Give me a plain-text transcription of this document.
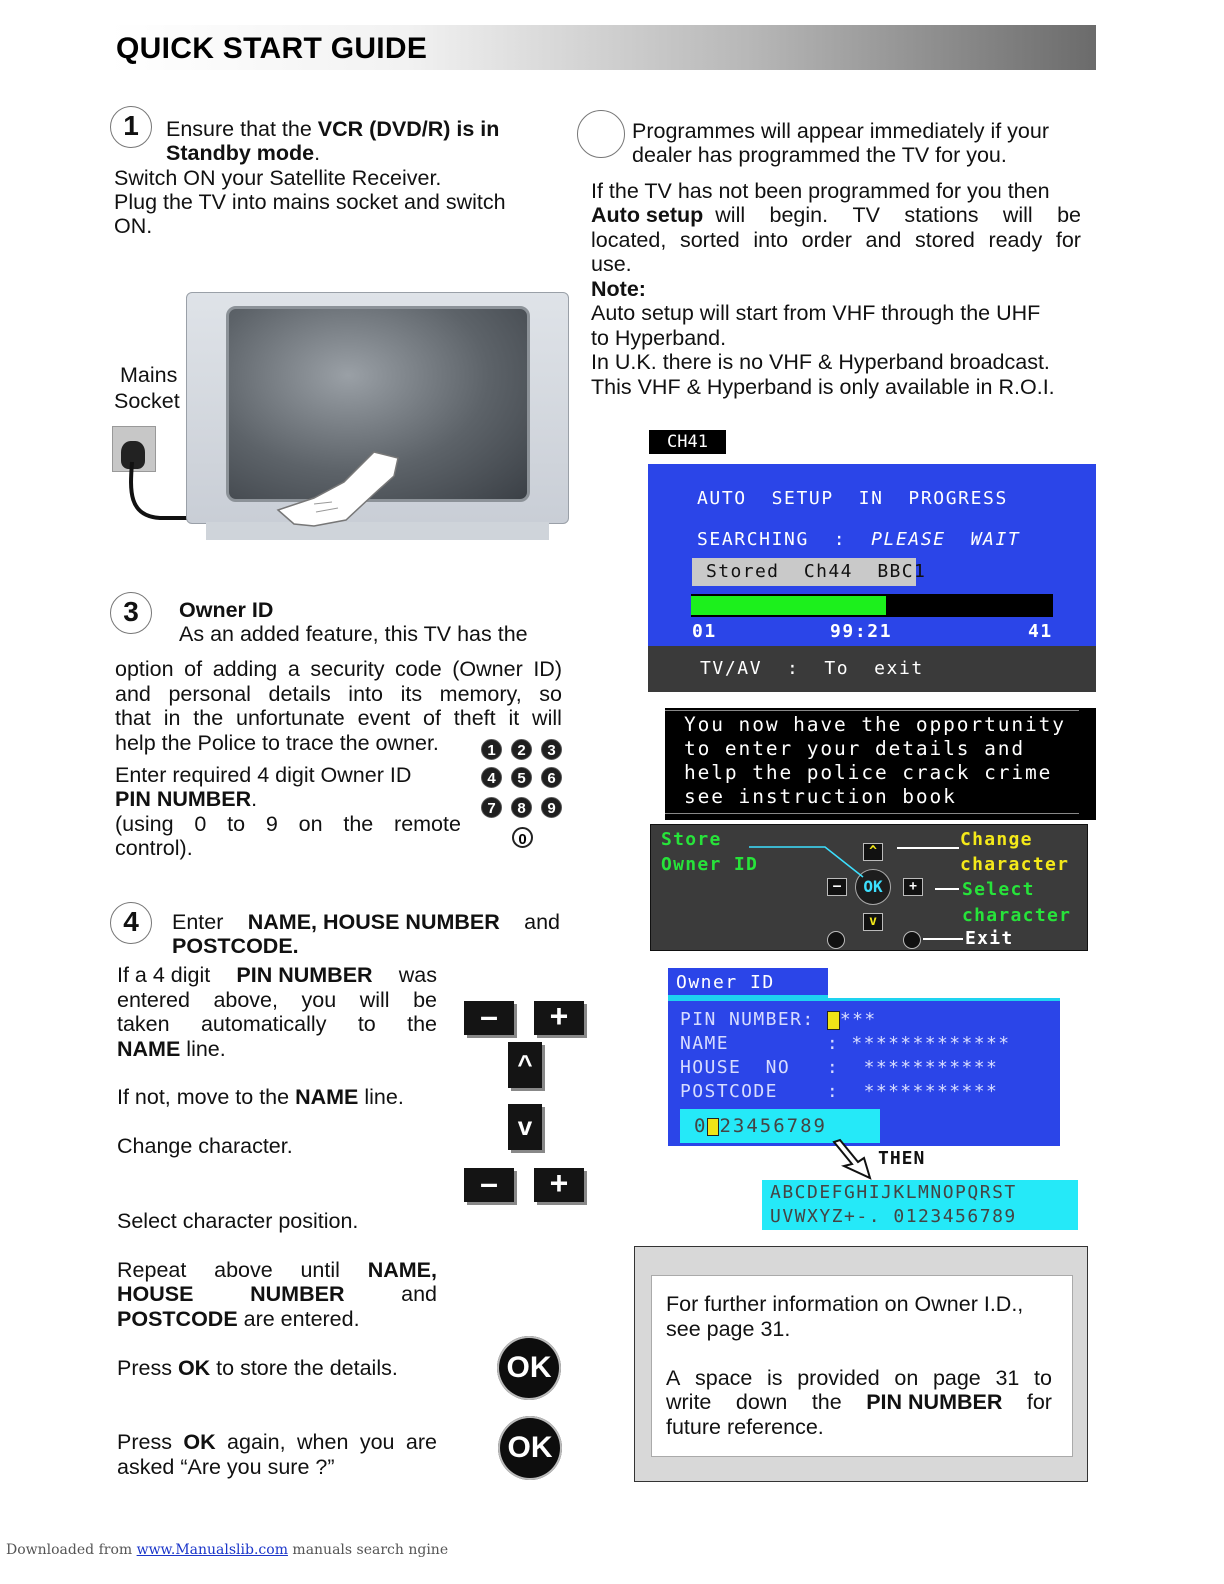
QUICK START GUIDE
1	Ensure that the VCR (DVD/R) is in
Standby mode.
Switch ON your Satellite Receiver.
Plug the TV into mains socket and switch
ON.
Mains
Socket
Programmes will appear immediately if your
dealer has programmed the TV for you.
If the TV has not been programmed for you then
Auto setup will begin. TV stations will be
located, sorted into order and stored ready for
use.
Note:
Auto setup will start from VHF through the UHF
to Hyperband.
In U.K. there is no VHF & Hyperband broadcast.
This VHF & Hyperband is only available in R.O.I.
CH41
AUTO  SETUP  IN  PROGRESS
SEARCHING  :  PLEASE  WAIT
Stored  Ch44  BBC1
01	99:21	41
TV/AV  :  To  exit
You now have the opportunity
to enter your details and
help the police crack crime
see instruction book
Store
Owner ID
Change
character
Select
character
Exit
^
v
–	+
OK
Owner ID
PIN NUMBER: ***
NAME	: *************
HOUSE  NO : ***********
POSTCODE	: ***********
0 23456789
THEN
ABCDEFGHIJKLMNOPQRST
UVWXYZ+-. 0123456789
3	Owner ID
As an added feature, this TV has the
option of adding a security code (Owner ID)
and personal details into its memory, so
that in the unfortunate event of theft it will
help the Police to trace the owner.
Enter required 4 digit Owner ID
PIN NUMBER.
(using 0 to 9 on the remote
control).
1	2	3
4	5	6
7	8	9
0
4	Enter NAME, HOUSE NUMBER and
POSTCODE.
If a 4 digit PIN NUMBER was
entered above, you will be
taken automatically to the
NAME line.
If not, move to the NAME line.
Change character.
Select character position.
Repeat above until NAME,
HOUSE	NUMBER	and
POSTCODE are entered.
Press OK to store the details.
Press OK again, when you are
asked “Are you sure ?”
–	+
^
v
–	+
OK
OK
For further information on Owner I.D.,
see page 31.
A space is provided on page 31 to
write down the PIN NUMBER for
future reference.
Downloaded from www.Manualslib.com manuals search ngine
